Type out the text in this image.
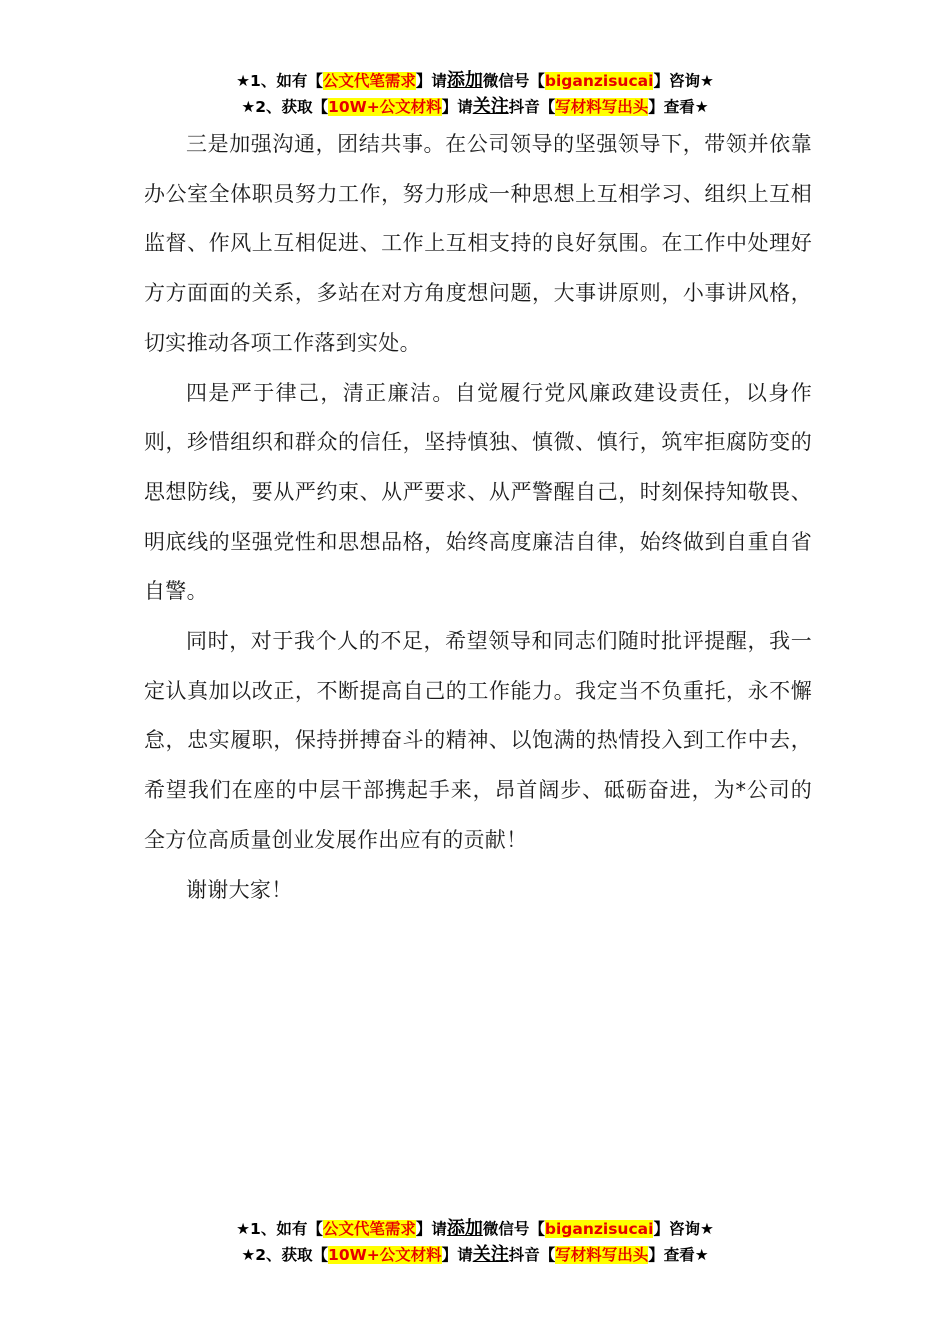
★1、如有【公文代笔需求】请添加微信号【biganzisucai】咨询★
★2、获取【10W+公文材料】请关注抖音【写材料写出头】查看★

三是加强沟通，团结共事。在公司领导的坚强领导下，带领并依靠办公室全体职员努力工作，努力形成一种思想上互相学习、组织上互相监督、作风上互相促进、工作上互相支持的良好氛围。在工作中处理好方方面面的关系，多站在对方角度想问题，大事讲原则，小事讲风格，切实推动各项工作落到实处。

四是严于律己，清正廉洁。自觉履行党风廉政建设责任，以身作则，珍惜组织和群众的信任，坚持慎独、慎微、慎行，筑牢拒腐防变的思想防线，要从严约束、从严要求、从严警醒自己，时刻保持知敬畏、明底线的坚强党性和思想品格，始终高度廉洁自律，始终做到自重自省自警。

同时，对于我个人的不足，希望领导和同志们随时批评提醒，我一定认真加以改正，不断提高自己的工作能力。我定当不负重托，永不懈怠，忠实履职，保持拼搏奋斗的精神、以饱满的热情投入到工作中去，希望我们在座的中层干部携起手来，昂首阔步、砥砺奋进，为*公司的全方位高质量创业发展作出应有的贡献！

谢谢大家！

★1、如有【公文代笔需求】请添加微信号【biganzisucai】咨询★
★2、获取【10W+公文材料】请关注抖音【写材料写出头】查看★
